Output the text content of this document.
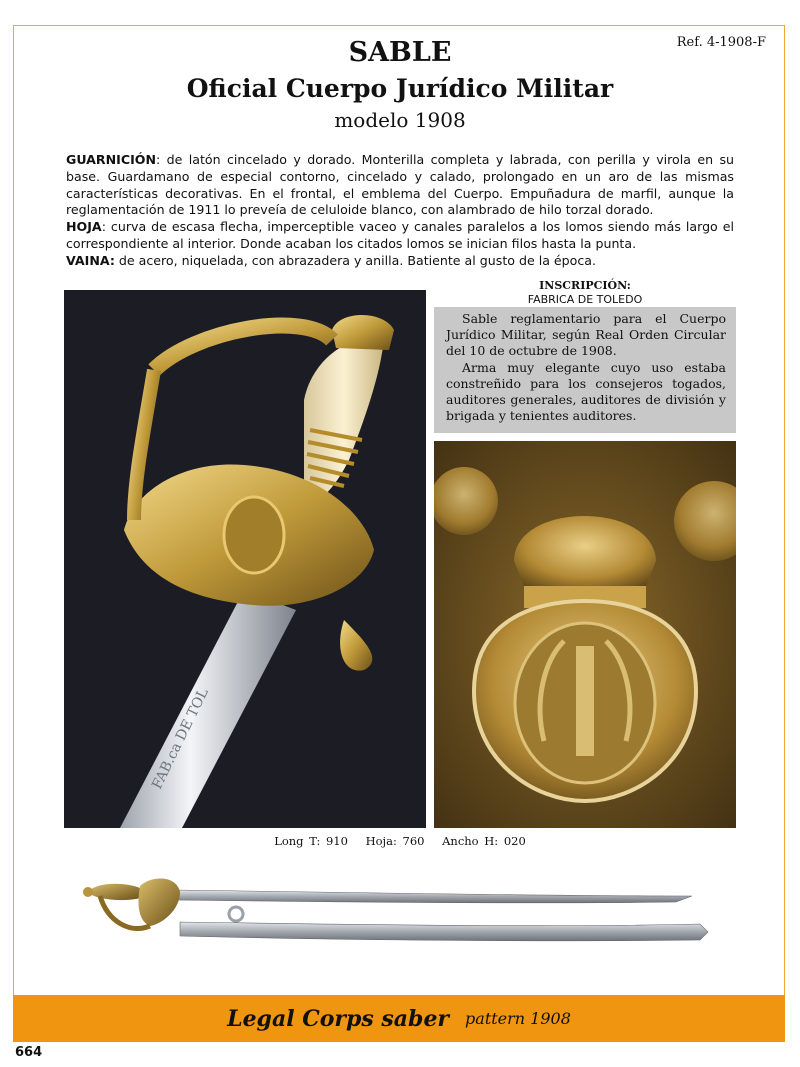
Ref. 4-1908-F
SABLE
Oficial Cuerpo Jurídico Militar
modelo 1908

GUARNICIÓN: de latón cincelado y dorado. Monterilla completa y labrada, con perilla y virola en su base. Guardamano de especial contorno, cincelado y calado, prolongado en un aro de las mismas características decorativas. En el frontal, el emblema del Cuerpo. Empuñadura de marfil, aunque la reglamentación de 1911 lo preveía de celuloide blanco, con alambrado de hilo torzal dorado.

HOJA: curva de escasa flecha, imperceptible vaceo y canales paralelos a los lomos siendo más largo el correspondiente al interior. Donde acaban los citados lomos se inician filos hasta la punta.

VAINA: de acero, niquelada, con abrazadera y anilla. Batiente al gusto de la época.

FAB.ca DE TOL
INSCRIPCIÓN:
FABRICA DE TOLEDO

Sable reglamentario para el Cuerpo Jurídico Militar, según Real Orden Circular del 10 de octubre de 1908.

Arma muy elegante cuyo uso estaba constreñido para los consejeros togados, auditores generales, auditores de división y brigada y tenientes auditores.

Long T: 910 Hoja: 760 Ancho H: 020
Legal Corps saber pattern 1908
664
